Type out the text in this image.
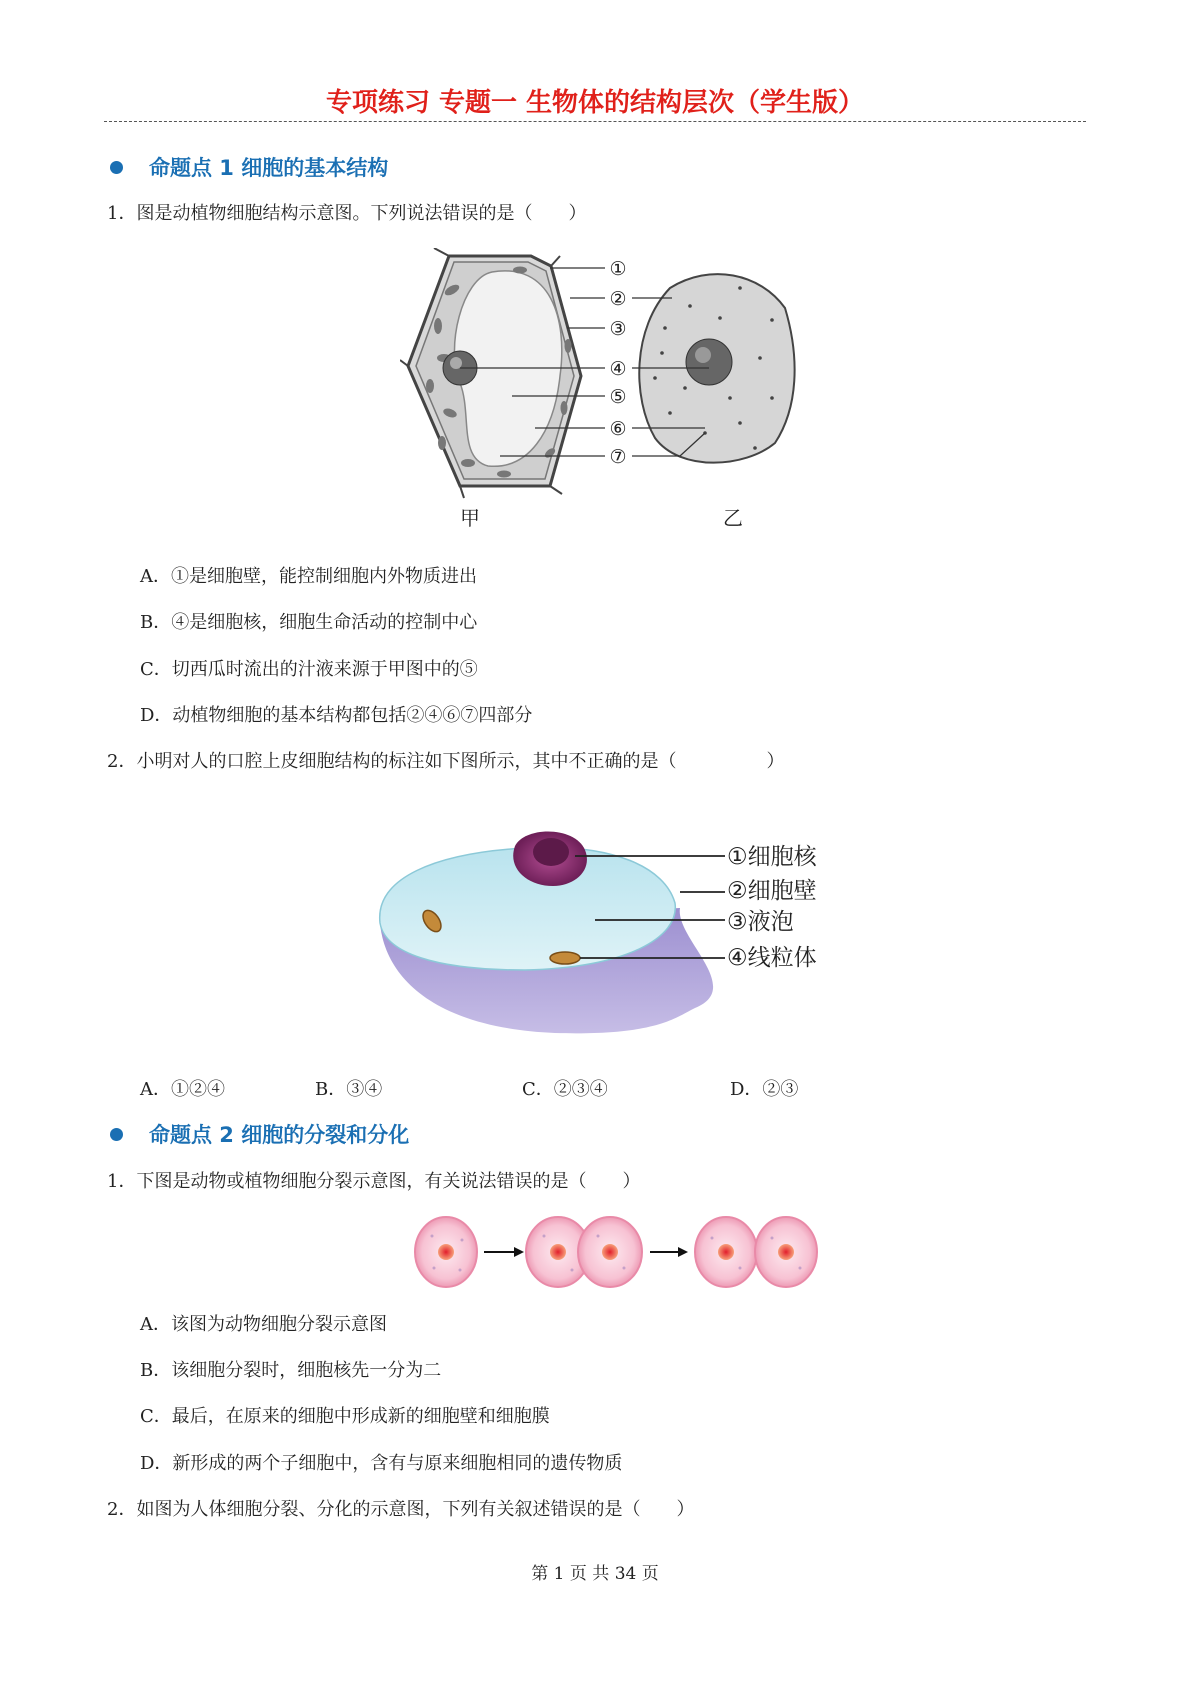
专项练习 专题一 生物体的结构层次（学生版）
命题点 1 细胞的基本结构
1．图是动植物细胞结构示意图。下列说法错误的是（　　）
①
②
③
④
⑤
⑥
⑦
甲	乙
A．①是细胞壁，能控制细胞内外物质进出
B．④是细胞核，细胞生命活动的控制中心
C．切西瓜时流出的汁液来源于甲图中的⑤
D．动植物细胞的基本结构都包括②④⑥⑦四部分
2．小明对人的口腔上皮细胞结构的标注如下图所示，其中不正确的是（　　　　　）
①细胞核
②细胞壁
③液泡
④线粒体
A．①②④	B．③④	C．②③④	D．②③
命题点 2 细胞的分裂和分化
1．下图是动物或植物细胞分裂示意图，有关说法错误的是（　　）
A．该图为动物细胞分裂示意图
B．该细胞分裂时，细胞核先一分为二
C．最后，在原来的细胞中形成新的细胞壁和细胞膜
D．新形成的两个子细胞中，含有与原来细胞相同的遗传物质
2．如图为人体细胞分裂、分化的示意图，下列有关叙述错误的是（　　）
第 1 页 共 34 页
